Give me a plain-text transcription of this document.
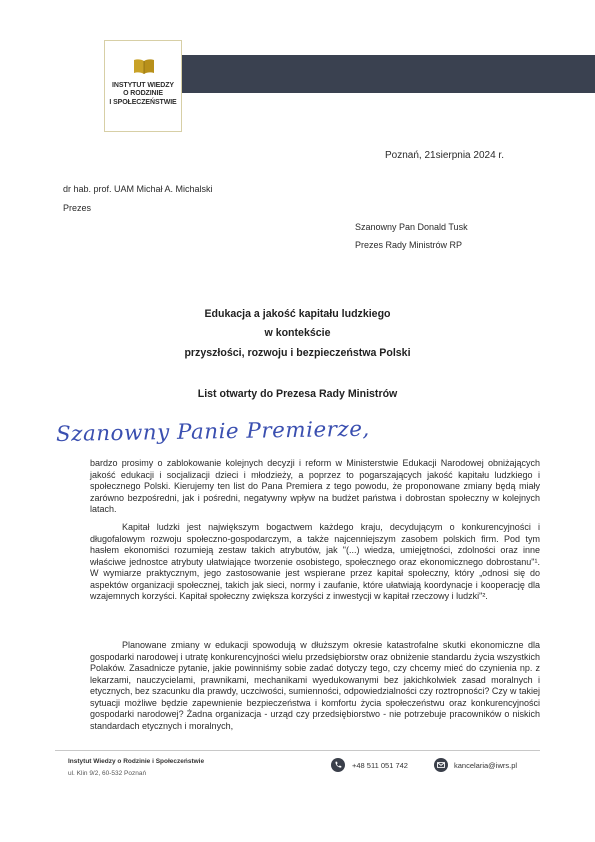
INSTYTUT WIEDZY
O RODZINIE
I SPOŁECZEŃSTWIE
Poznań, 21sierpnia 2024 r.
dr hab. prof. UAM Michał A. Michalski
Prezes
Szanowny Pan Donald Tusk
Prezes Rady Ministrów RP
Edukacja a jakość kapitału ludzkiego
w kontekście
przyszłości, rozwoju i bezpieczeństwa Polski
List otwarty do Prezesa Rady Ministrów
Szanowny Panie Premierze,

bardzo prosimy o zablokowanie kolejnych decyzji i reform w Ministerstwie Edukacji Narodowej obniżających jakość edukacji i socjalizacji dzieci i młodzieży, a poprzez to pogarszających jakość kapitału ludzkiego i społecznego Polski. Kierujemy ten list do Pana Premiera z tego powodu, że proponowane zmiany będą miały zarówno bezpośredni, jak i pośredni, negatywny wpływ na budżet państwa i dobrostan społeczny w kolejnych latach.

Kapitał ludzki jest największym bogactwem każdego kraju, decydującym o konkurencyjności i długofalowym rozwoju społeczno-gospodarczym, a także najcenniejszym zasobem polskich firm. Pod tym hasłem ekonomiści rozumieją zestaw takich atrybutów, jak "(...) wiedza, umiejętności, zdolności oraz inne właściwe jednostce atrybuty ułatwiające tworzenie osobistego, społecznego oraz ekonomicznego dobrostanu"¹. W wymiarze praktycznym, jego zastosowanie jest wspierane przez kapitał społeczny, który „odnosi się do aspektów organizacji społecznej, takich jak sieci, normy i zaufanie, które ułatwiają koordynacje i kooperację dla wzajemnych korzyści. Kapitał społeczny zwiększa korzyści z inwestycji w kapitał rzeczowy i ludzki"².

Planowane zmiany w edukacji spowodują w dłuższym okresie katastrofalne skutki ekonomiczne dla gospodarki narodowej i utratę konkurencyjności wielu przedsiębiorstw oraz obniżenie standardu życia wszystkich Polaków. Zasadnicze pytanie, jakie powinniśmy sobie zadać dotyczy tego, czy chcemy mieć do czynienia np. z lekarzami, nauczycielami, prawnikami, mechanikami wyedukowanymi bez jakichkolwiek zasad moralnych i etycznych, bez szacunku dla prawdy, uczciwości, sumienności, odpowiedzialności czy roztropności? Czy w takiej sytuacji możliwe będzie zapewnienie bezpieczeństwa i komfortu życia społeczeństwu oraz konkurencyjności gospodarki narodowej? Żadna organizacja - urząd czy przedsiębiorstwo - nie potrzebuje pracowników o niskich standardach etycznych i moralnych,

Instytut Wiedzy o Rodzinie i Społeczeństwie
ul. Klin 9/2, 60-532 Poznań
+48 511 051 742	kancelaria@iwrs.pl
